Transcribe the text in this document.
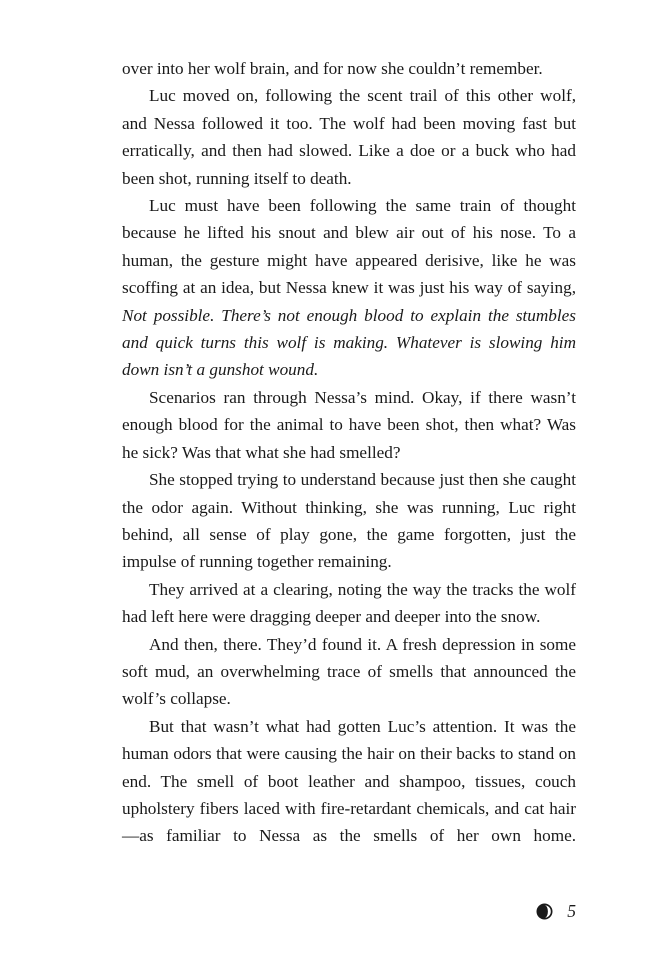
over into her wolf brain, and for now she couldn’t remember.

Luc moved on, following the scent trail of this other wolf, and Nessa followed it too. The wolf had been moving fast but erratically, and then had slowed. Like a doe or a buck who had been shot, running itself to death.

Luc must have been following the same train of thought because he lifted his snout and blew air out of his nose. To a human, the gesture might have appeared derisive, like he was scoffing at an idea, but Nessa knew it was just his way of saying, Not possible. There’s not enough blood to explain the stumbles and quick turns this wolf is making. Whatever is slowing him down isn’t a gunshot wound.

Scenarios ran through Nessa’s mind. Okay, if there wasn’t enough blood for the animal to have been shot, then what? Was he sick? Was that what she had smelled?

She stopped trying to understand because just then she caught the odor again. Without thinking, she was running, Luc right behind, all sense of play gone, the game forgotten, just the impulse of running together remaining.

They arrived at a clearing, noting the way the tracks the wolf had left here were dragging deeper and deeper into the snow.

And then, there. They’d found it. A fresh depression in some soft mud, an overwhelming trace of smells that announced the wolf’s collapse.

But that wasn’t what had gotten Luc’s attention. It was the human odors that were causing the hair on their backs to stand on end. The smell of boot leather and shampoo, tissues, couch upholstery fibers laced with fire-retardant chemicals, and cat hair—as familiar to Nessa as the smells of her own home.

5
